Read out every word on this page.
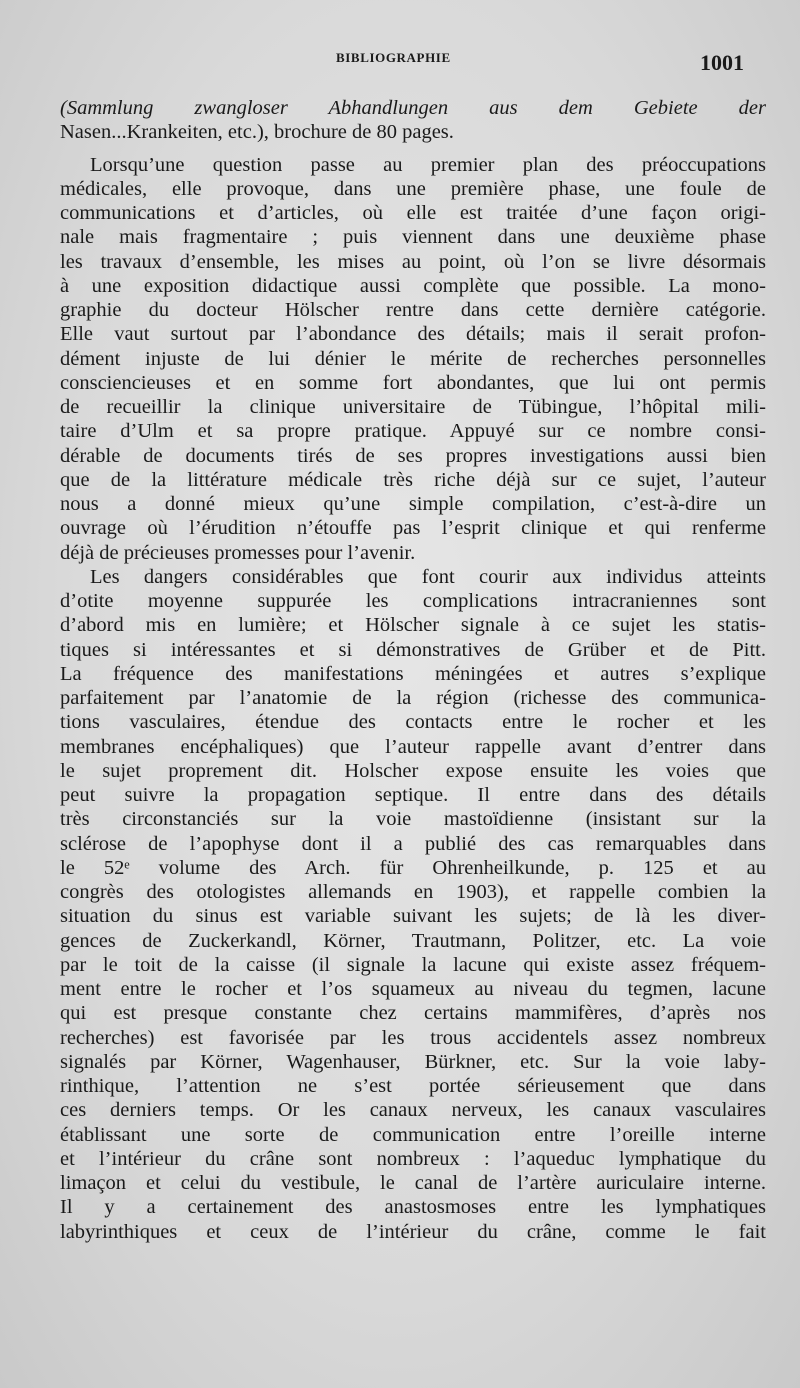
BIBLIOGRAPHIE	1001
(Sammlung zwangloser Abhandlungen aus dem Gebiete der
Nasen...Krankeiten, etc.), brochure de 80 pages.
Lorsqu’une question passe au premier plan des préoccupations
médicales, elle provoque, dans une première phase, une foule de
communications et d’articles, où elle est traitée d’une façon origi-
nale mais fragmentaire ; puis viennent dans une deuxième phase
les travaux d’ensemble, les mises au point, où l’on se livre désormais
à une exposition didactique aussi complète que possible. La mono-
graphie du docteur Hölscher rentre dans cette dernière catégorie.
Elle vaut surtout par l’abondance des détails; mais il serait profon-
dément injuste de lui dénier le mérite de recherches personnelles
consciencieuses et en somme fort abondantes, que lui ont permis
de recueillir la clinique universitaire de Tübingue, l’hôpital mili-
taire d’Ulm et sa propre pratique. Appuyé sur ce nombre consi-
dérable de documents tirés de ses propres investigations aussi bien
que de la littérature médicale très riche déjà sur ce sujet, l’auteur
nous a donné mieux qu’une simple compilation, c’est-à-dire un
ouvrage où l’érudition n’étouffe pas l’esprit clinique et qui renferme
déjà de précieuses promesses pour l’avenir.
Les dangers considérables que font courir aux individus atteints
d’otite moyenne suppurée les complications intracraniennes sont
d’abord mis en lumière; et Hölscher signale à ce sujet les statis-
tiques si intéressantes et si démonstratives de Grüber et de Pitt.
La fréquence des manifestations méningées et autres s’explique
parfaitement par l’anatomie de la région (richesse des communica-
tions vasculaires, étendue des contacts entre le rocher et les
membranes encéphaliques) que l’auteur rappelle avant d’entrer dans
le sujet proprement dit. Holscher expose ensuite les voies que
peut suivre la propagation septique. Il entre dans des détails
très circonstanciés sur la voie mastoïdienne (insistant sur la
sclérose de l’apophyse dont il a publié des cas remarquables dans
le 52ᵉ volume des Arch. für Ohrenheilkunde, p. 125 et au
congrès des otologistes allemands en 1903), et rappelle combien la
situation du sinus est variable suivant les sujets; de là les diver-
gences de Zuckerkandl, Körner, Trautmann, Politzer, etc. La voie
par le toit de la caisse (il signale la lacune qui existe assez fréquem-
ment entre le rocher et l’os squameux au niveau du tegmen, lacune
qui est presque constante chez certains mammifères, d’après nos
recherches) est favorisée par les trous accidentels assez nombreux
signalés par Körner, Wagenhauser, Bürkner, etc. Sur la voie laby-
rinthique, l’attention ne s’est portée sérieusement que dans
ces derniers temps. Or les canaux nerveux, les canaux vasculaires
établissant une sorte de communication entre l’oreille interne
et l’intérieur du crâne sont nombreux : l’aqueduc lymphatique du
limaçon et celui du vestibule, le canal de l’artère auriculaire interne.
Il y a certainement des anastosmoses entre les lymphatiques
labyrinthiques et ceux de l’intérieur du crâne, comme le fait
